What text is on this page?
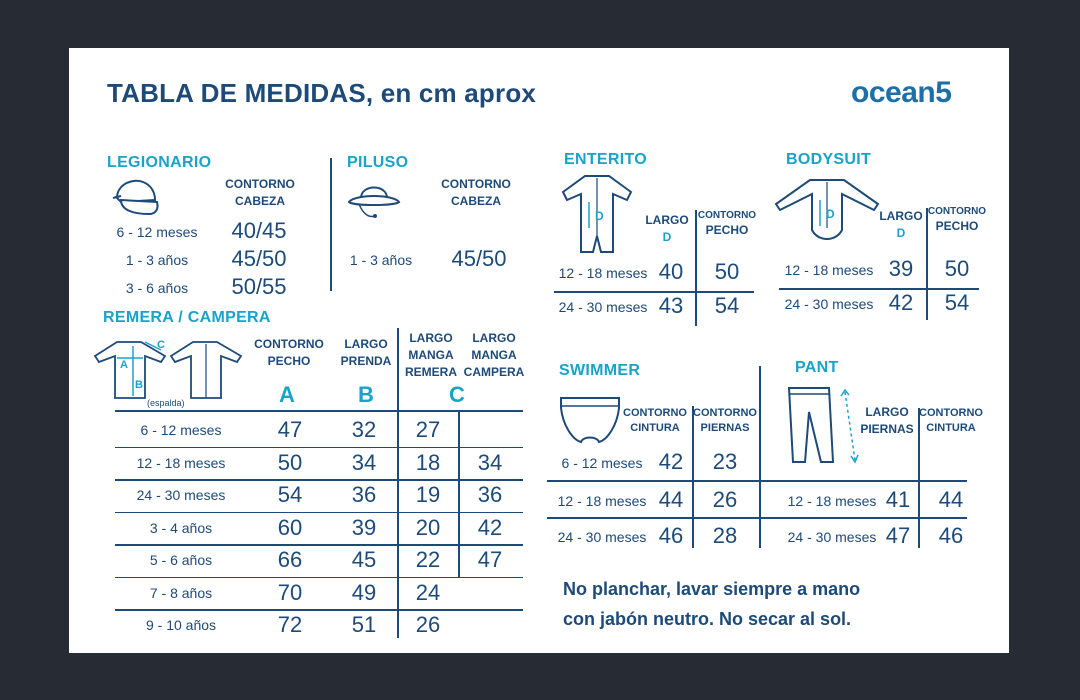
TABLA DE MEDIDAS, en cm aprox	ocean5
LEGIONARIO
CONTORNO CABEZA
6 - 12 meses	40/45
1 - 3 años	45/50
3 - 6 años	50/55
PILUSO
CONTORNO CABEZA
1 - 3 años	45/50
ENTERITO
D	LARGO
D
CONTORNO
PECHO
12 - 18 meses 40	50
24 - 30 meses 43	54
BODYSUIT
D	LARGO
D
CONTORNO
PECHO
12 - 18 meses 39	50
24 - 30 meses 42	54
REMERA / CAMPERA
A
B
C
(espalda)
CONTORNO PECHO
A
LARGO PRENDA
B
LARGO MANGA REMERA
LARGO MANGA CAMPERA
C
6 - 12 meses	47	32	27
12 - 18 meses	50	34	18	34
24 - 30 meses	54	36	19	36
3 - 4 años	60	39	20	42
5 - 6 años	66	45	22	47
7 - 8 años	70	49	24
9 - 10 años	72	51	26
SWIMMER
CONTORNO CINTURA
CONTORNO PIERNAS
6 - 12 meses 42	23
12 - 18 meses 44	26
24 - 30 meses 46	28
PANT
LARGO PIERNAS
CONTORNO CINTURA
12 - 18 meses 41	44
24 - 30 meses 47	46
No planchar, lavar siempre a mano
con jabón neutro. No secar al sol.
